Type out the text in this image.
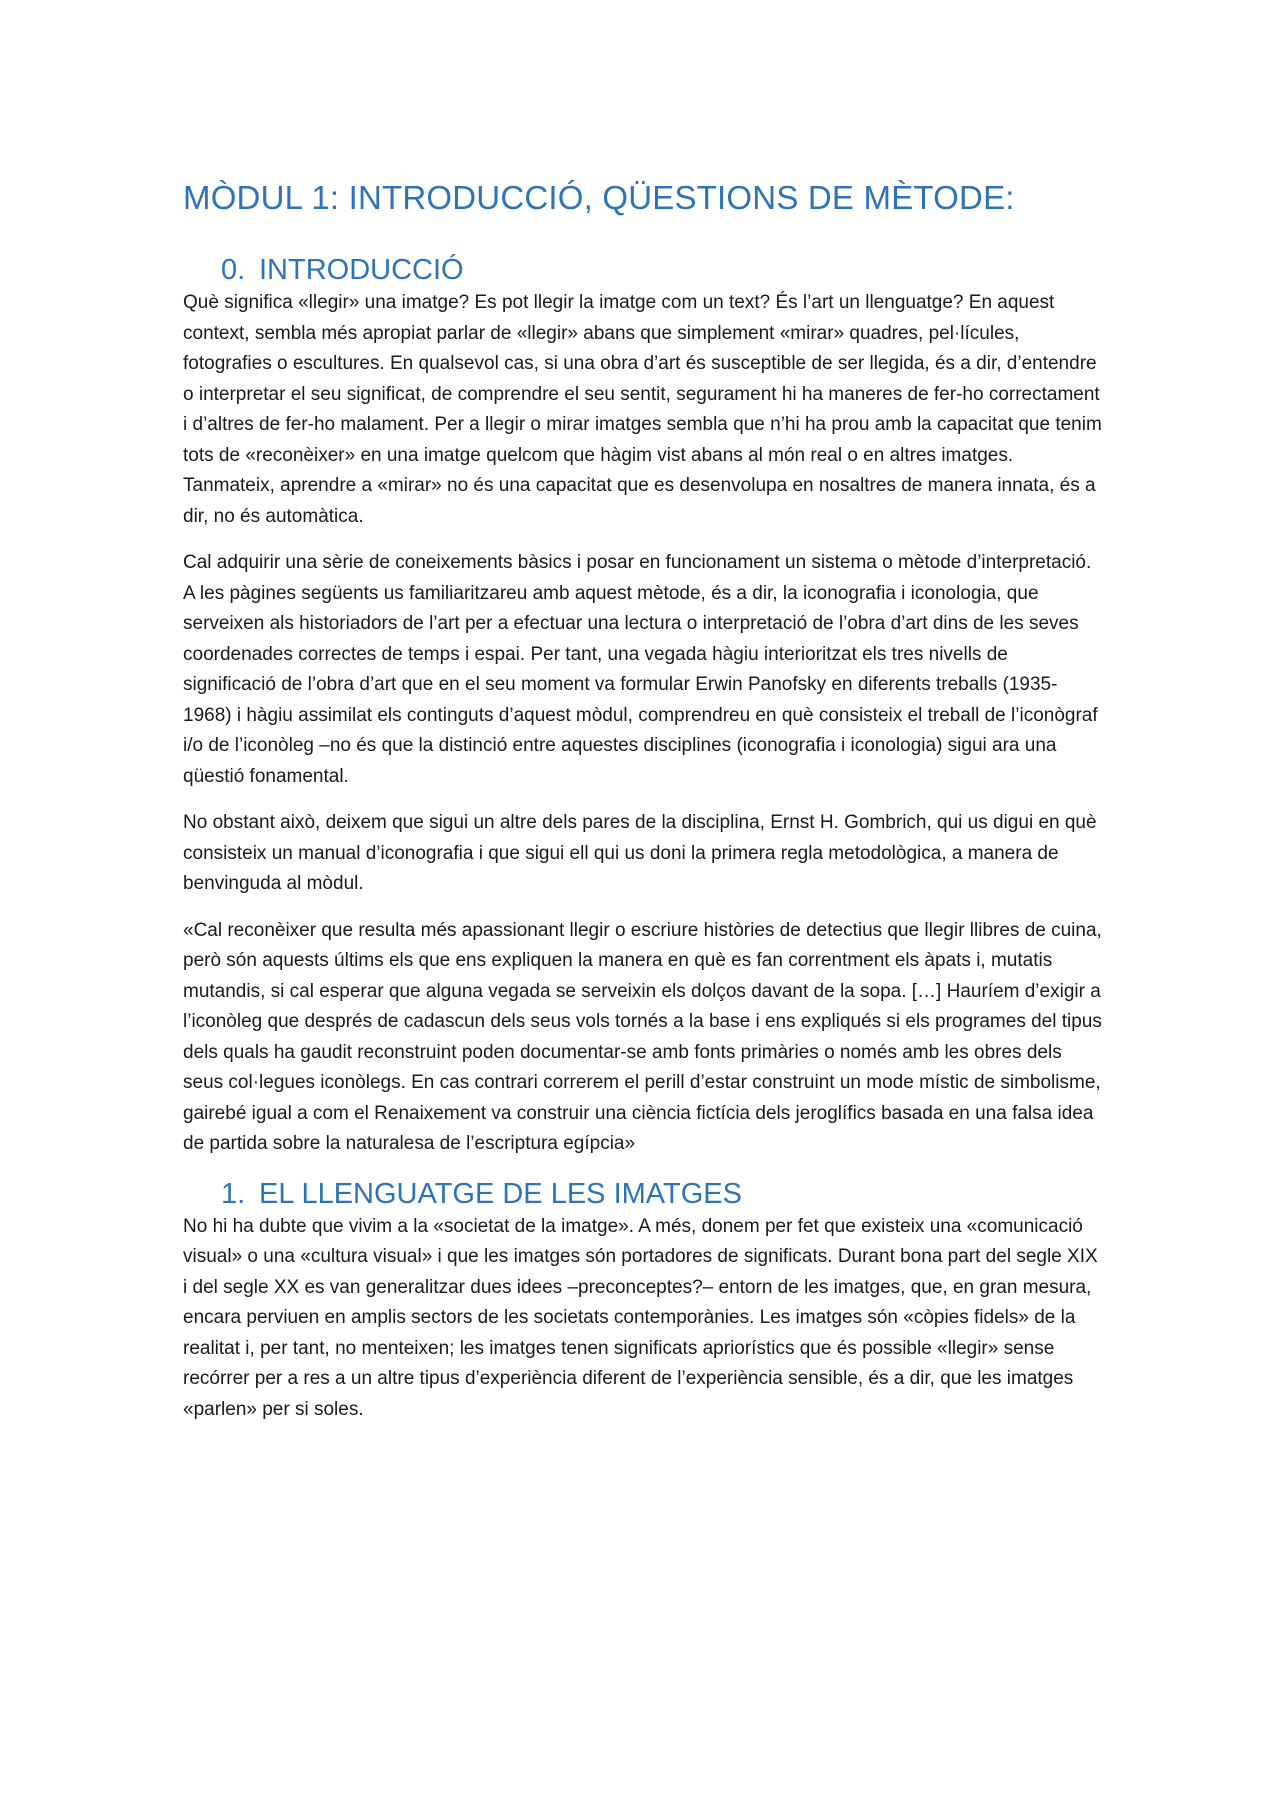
MÒDUL 1: INTRODUCCIÓ, QÜESTIONS DE MÈTODE:
0. INTRODUCCIÓ

Què significa «llegir» una imatge? Es pot llegir la imatge com un text? És l’art un llenguatge? En aquest context, sembla més apropiat parlar de «llegir» abans que simplement «mirar» quadres, pel·lícules, fotografies o escultures. En qualsevol cas, si una obra d’art és susceptible de ser llegida, és a dir, d’entendre o interpretar el seu significat, de comprendre el seu sentit, segurament hi ha maneres de fer-ho correctament i d’altres de fer-ho malament. Per a llegir o mirar imatges sembla que n’hi ha prou amb la capacitat que tenim tots de «reconèixer» en una imatge quelcom que hàgim vist abans al món real o en altres imatges. Tanmateix, aprendre a «mirar» no és una capacitat que es desenvolupa en nosaltres de manera innata, és a dir, no és automàtica.

Cal adquirir una sèrie de coneixements bàsics i posar en funcionament un sistema o mètode d’interpretació. A les pàgines següents us familiaritzareu amb aquest mètode, és a dir, la iconografia i iconologia, que serveixen als historiadors de l’art per a efectuar una lectura o interpretació de l’obra d’art dins de les seves coordenades correctes de temps i espai. Per tant, una vegada hàgiu interioritzat els tres nivells de significació de l’obra d’art que en el seu moment va formular Erwin Panofsky en diferents treballs (1935-1968) i hàgiu assimilat els continguts d’aquest mòdul, comprendreu en què consisteix el treball de l’iconògraf i/o de l’iconòleg –no és que la distinció entre aquestes disciplines (iconografia i iconologia) sigui ara una qüestió fonamental.

No obstant això, deixem que sigui un altre dels pares de la disciplina, Ernst H. Gombrich, qui us digui en què consisteix un manual d’iconografia i que sigui ell qui us doni la primera regla metodològica, a manera de benvinguda al mòdul.

«Cal reconèixer que resulta més apassionant llegir o escriure històries de detectius que llegir llibres de cuina, però són aquests últims els que ens expliquen la manera en què es fan correntment els àpats i, mutatis mutandis, si cal esperar que alguna vegada se serveixin els dolços davant de la sopa. […] Hauríem d’exigir a l’iconòleg que després de cadascun dels seus vols tornés a la base i ens expliqués si els programes del tipus dels quals ha gaudit reconstruint poden documentar-se amb fonts primàries o només amb les obres dels seus col·legues iconòlegs. En cas contrari correrem el perill d’estar construint un mode místic de simbolisme, gairebé igual a com el Renaixement va construir una ciència fictícia dels jeroglífics basada en una falsa idea de partida sobre la naturalesa de l’escriptura egípcia»

1. EL LLENGUATGE DE LES IMATGES

No hi ha dubte que vivim a la «societat de la imatge». A més, donem per fet que existeix una «comunicació visual» o una «cultura visual» i que les imatges són portadores de significats. Durant bona part del segle XIX i del segle XX es van generalitzar dues idees –preconceptes?– entorn de les imatges, que, en gran mesura, encara perviuen en amplis sectors de les societats contemporànies. Les imatges són «còpies fidels» de la realitat i, per tant, no menteixen; les imatges tenen significats apriorístics que és possible «llegir» sense recórrer per a res a un altre tipus d’experiència diferent de l’experiència sensible, és a dir, que les imatges «parlen» per si soles.
